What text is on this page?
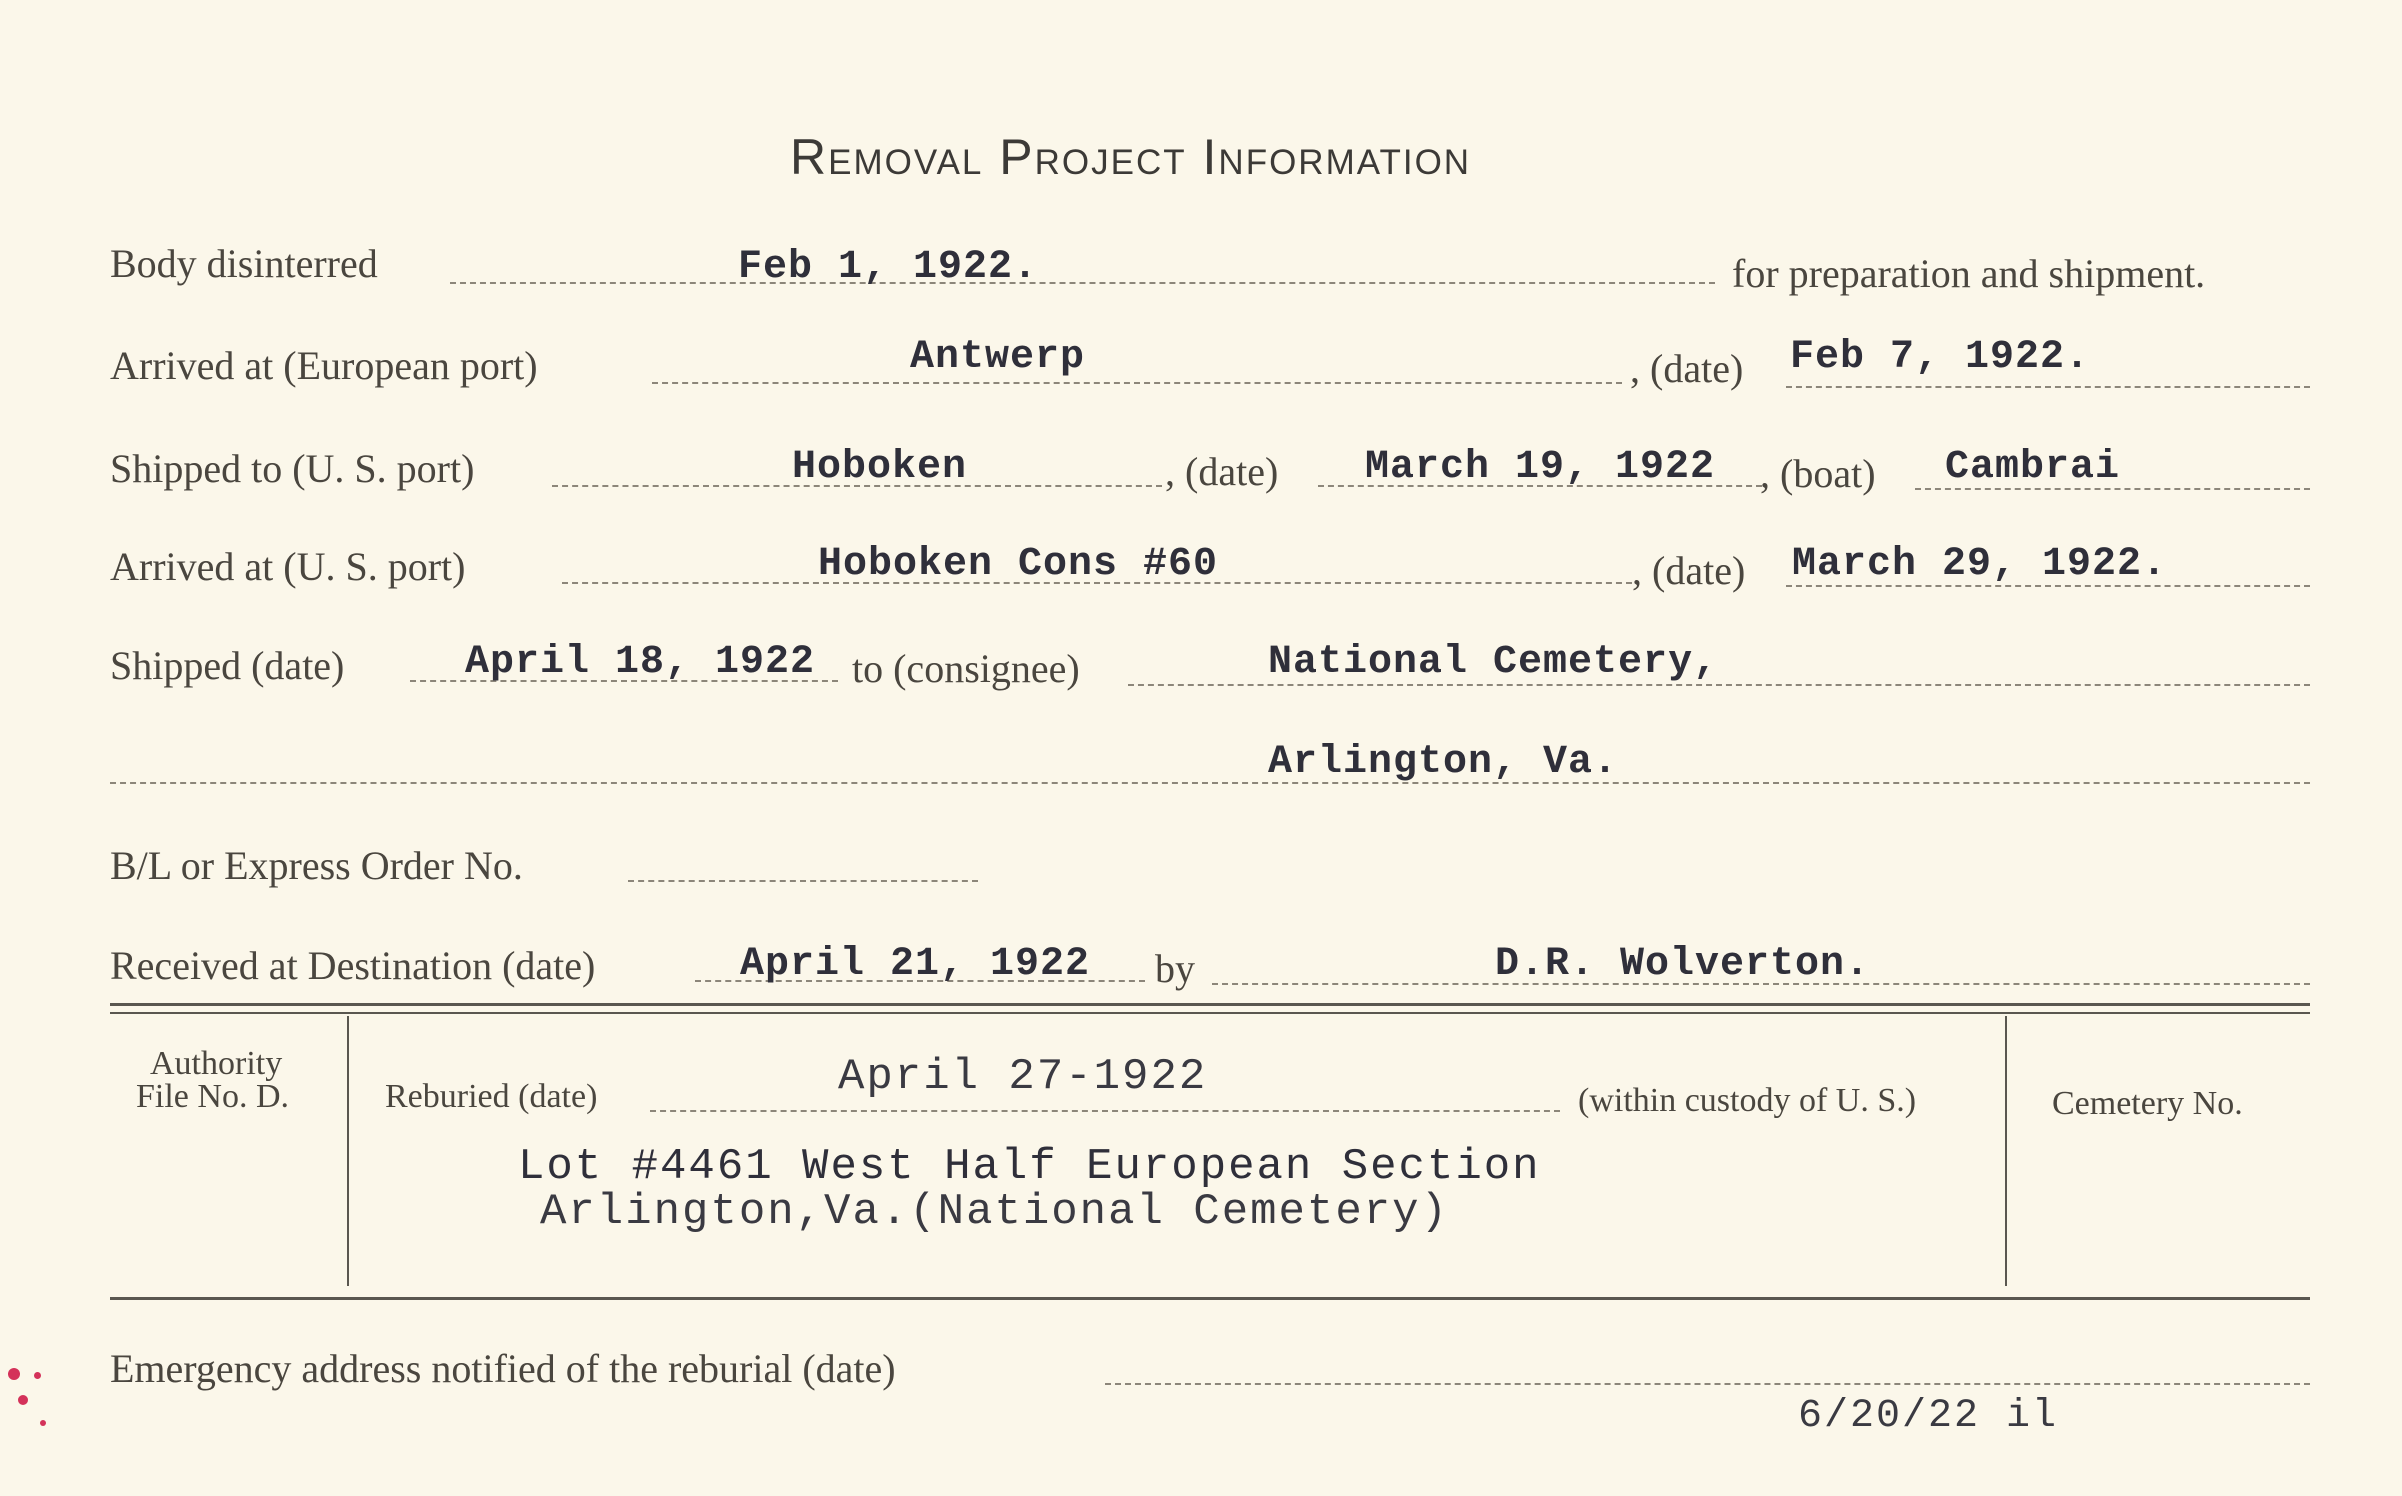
Removal Project Information
Body disinterred	Feb 1, 1922.	for preparation and shipment.
Arrived at (European port)	Antwerp	, (date) Feb 7, 1922.
Shipped to (U. S. port)	Hoboken	, (date) March 19, 1922 , (boat) Cambrai
Arrived at (U. S. port)	Hoboken Cons #60	, (date) March 29, 1922.
Shipped (date)	April 18, 1922 to (consignee)	National Cemetery,
Arlington, Va.
B/L or Express Order No.
Received at Destination (date)	April 21, 1922 by	D.R. Wolverton.
Authority
File No. D.	Reburied (date)	April 27-1922	(within custody of U. S.)
Lot #4461 West Half European Section
Arlington,Va.(National Cemetery)
Cemetery No.
Emergency address notified of the reburial (date)
6/20/22 il
